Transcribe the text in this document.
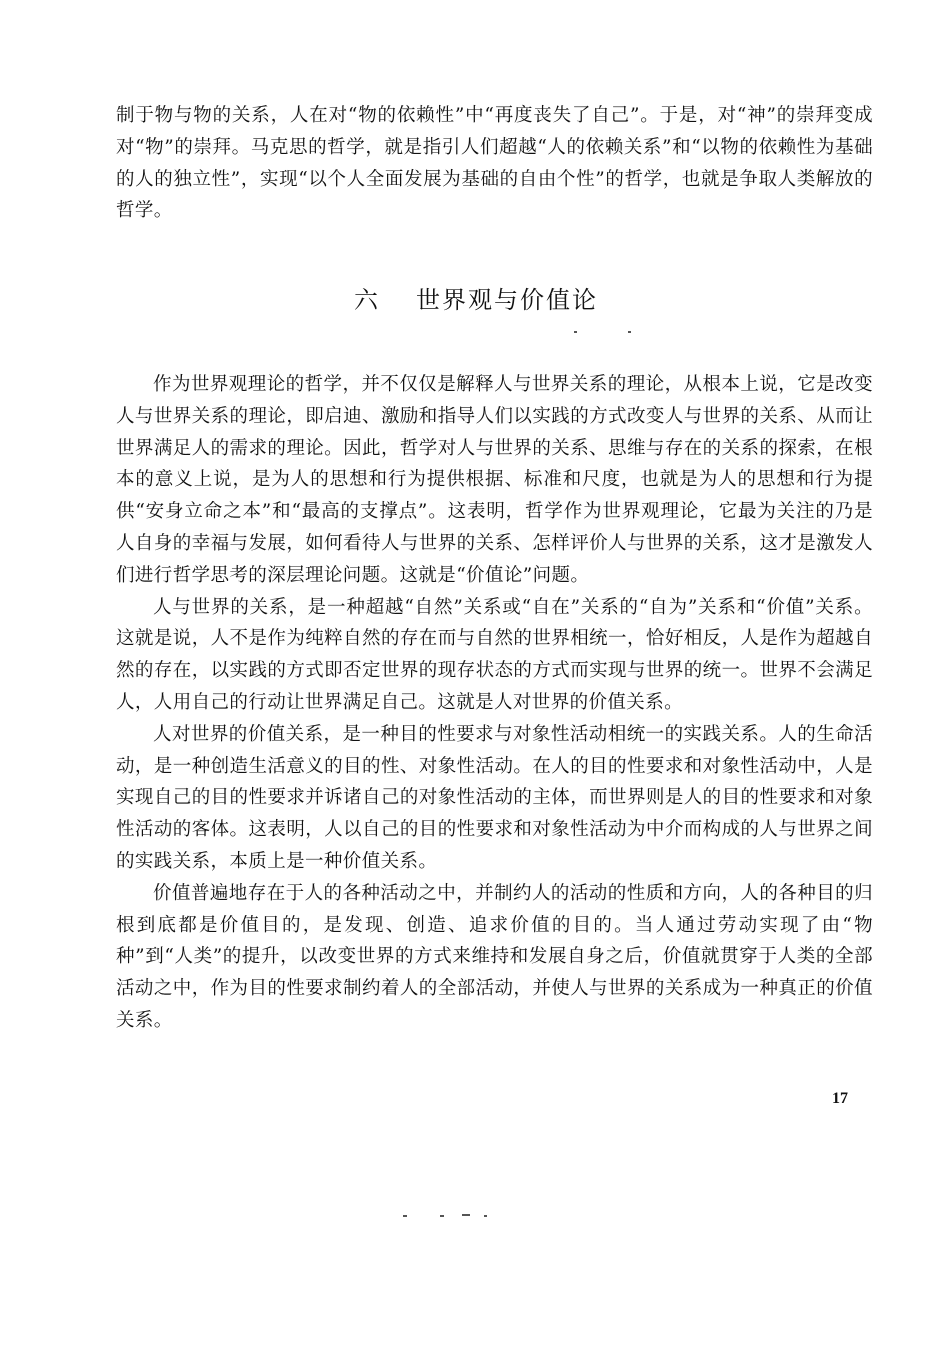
制于物与物的关系，人在对“物的依赖性”中“再度丧失了自己”。于是，对“神”的崇拜变成对“物”的崇拜。马克思的哲学，就是指引人们超越“人的依赖关系”和“以物的依赖性为基础的人的独立性”，实现“以个人全面发展为基础的自由个性”的哲学，也就是争取人类解放的哲学。

六 世界观与价值论

作为世界观理论的哲学，并不仅仅是解释人与世界关系的理论，从根本上说，它是改变人与世界关系的理论，即启迪、激励和指导人们以实践的方式改变人与世界的关系、从而让世界满足人的需求的理论。因此，哲学对人与世界的关系、思维与存在的关系的探索，在根本的意义上说，是为人的思想和行为提供根据、标准和尺度，也就是为人的思想和行为提供“安身立命之本”和“最高的支撑点”。这表明，哲学作为世界观理论，它最为关注的乃是人自身的幸福与发展，如何看待人与世界的关系、怎样评价人与世界的关系，这才是激发人们进行哲学思考的深层理论问题。这就是“价值论”问题。

人与世界的关系，是一种超越“自然”关系或“自在”关系的“自为”关系和“价值”关系。这就是说，人不是作为纯粹自然的存在而与自然的世界相统一，恰好相反，人是作为超越自然的存在，以实践的方式即否定世界的现存状态的方式而实现与世界的统一。世界不会满足人，人用自己的行动让世界满足自己。这就是人对世界的价值关系。

人对世界的价值关系，是一种目的性要求与对象性活动相统一的实践关系。人的生命活动，是一种创造生活意义的目的性、对象性活动。在人的目的性要求和对象性活动中，人是实现自己的目的性要求并诉诸自己的对象性活动的主体，而世界则是人的目的性要求和对象性活动的客体。这表明，人以自己的目的性要求和对象性活动为中介而构成的人与世界之间的实践关系，本质上是一种价值关系。

价值普遍地存在于人的各种活动之中，并制约人的活动的性质和方向，人的各种目的归根到底都是价值目的，是发现、创造、追求价值的目的。当人通过劳动实现了由“物种”到“人类”的提升，以改变世界的方式来维持和发展自身之后，价值就贯穿于人类的全部活动之中，作为目的性要求制约着人的全部活动，并使人与世界的关系成为一种真正的价值关系。

17
